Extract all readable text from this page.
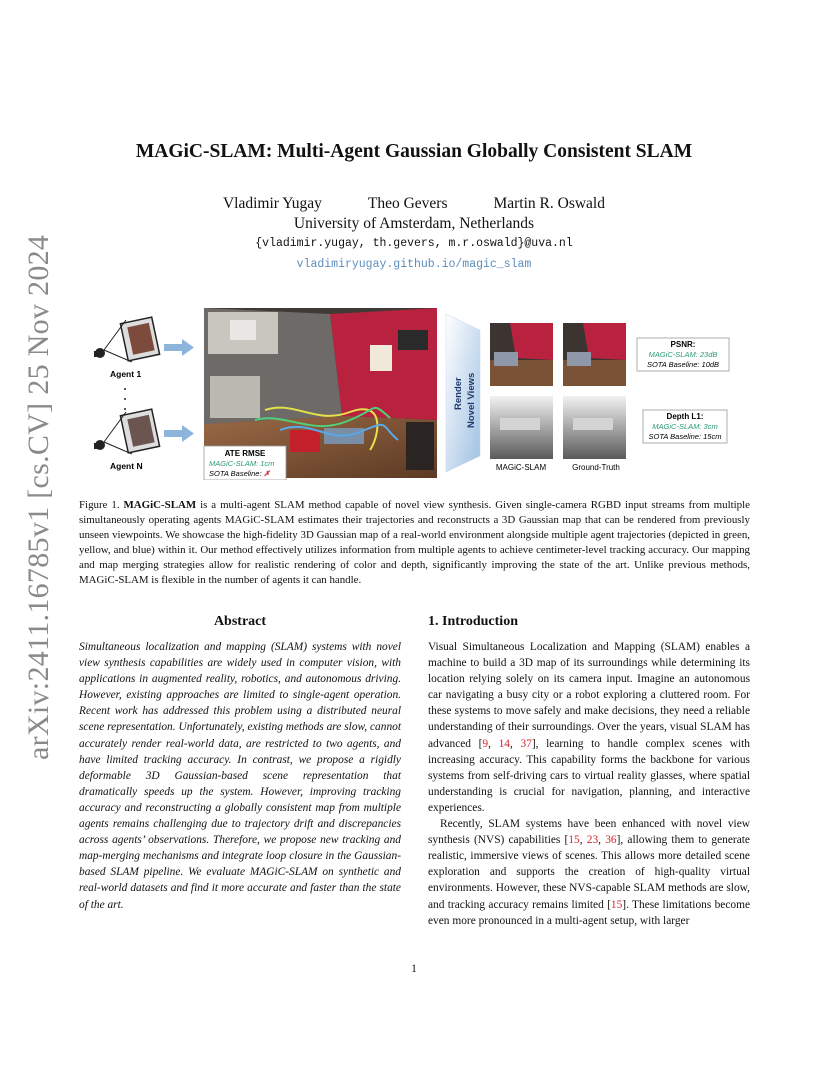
arXiv:2411.16785v1 [cs.CV] 25 Nov 2024
MAGiC-SLAM: Multi-Agent Gaussian Globally Consistent SLAM
Vladimir Yugay	Theo Gevers	Martin R. Oswald
University of Amsterdam, Netherlands
{vladimir.yugay, th.gevers, m.r.oswald}@uva.nl
vladimiryugay.github.io/magic_slam
Agent 1
Agent N
ATE RMSE
MAGiC-SLAM: 1cm
SOTA Baseline: ✗
Render Novel Views
MAGiC-SLAM	Ground-Truth
PSNR:
MAGiC-SLAM: 23dB
SOTA Baseline: 10dB
Depth L1:
MAGiC-SLAM: 3cm
SOTA Baseline: 15cm
Figure 1. MAGiC-SLAM is a multi-agent SLAM method capable of novel view synthesis. Given single-camera RGBD input streams from multiple simultaneously operating agents MAGiC-SLAM estimates their trajectories and reconstructs a 3D Gaussian map that can be rendered from previously unseen viewpoints. We showcase the high-fidelity 3D Gaussian map of a real-world environment alongside multiple agent trajectories (depicted in green, yellow, and blue) within it. Our method effectively utilizes information from multiple agents to achieve centimeter-level tracking accuracy. Our mapping and map merging strategies allow for realistic rendering of color and depth, significantly improving the state of the art. Unlike previous methods, MAGiC-SLAM is flexible in the number of agents it can handle.
Abstract
Simultaneous localization and mapping (SLAM) systems with novel view synthesis capabilities are widely used in computer vision, with applications in augmented reality, robotics, and autonomous driving. However, existing approaches are limited to single-agent operation. Recent work has addressed this problem using a distributed neural scene representation. Unfortunately, existing methods are slow, cannot accurately render real-world data, are restricted to two agents, and have limited tracking accuracy. In contrast, we propose a rigidly deformable 3D Gaussian-based scene representation that dramatically speeds up the system. However, improving tracking accuracy and reconstructing a globally consistent map from multiple agents remains challenging due to trajectory drift and discrepancies across agents’ observations. Therefore, we propose new tracking and map-merging mechanisms and integrate loop closure in the Gaussian-based SLAM pipeline. We evaluate MAGiC-SLAM on synthetic and real-world datasets and find it more accurate and faster than the state of the art.
1. Introduction

Visual Simultaneous Localization and Mapping (SLAM) enables a machine to build a 3D map of its surroundings while determining its location relying solely on its camera input. Imagine an autonomous car navigating a busy city or a robot exploring a cluttered room. For these systems to move safely and make decisions, they need a reliable understanding of their surroundings. Over the years, visual SLAM has advanced [9, 14, 37], learning to handle complex scenes with increasing accuracy. This capability forms the backbone for various systems from self-driving cars to virtual reality glasses, where spatial understanding is crucial for navigation, planning, and interactive experiences.

Recently, SLAM systems have been enhanced with novel view synthesis (NVS) capabilities [15, 23, 36], allowing them to generate realistic, immersive views of scenes. This allows more detailed scene exploration and supports the creation of high-quality virtual environments. However, these NVS-capable SLAM methods are slow, and tracking accuracy remains limited [15]. These limitations become even more pronounced in a multi-agent setup, with larger

1
